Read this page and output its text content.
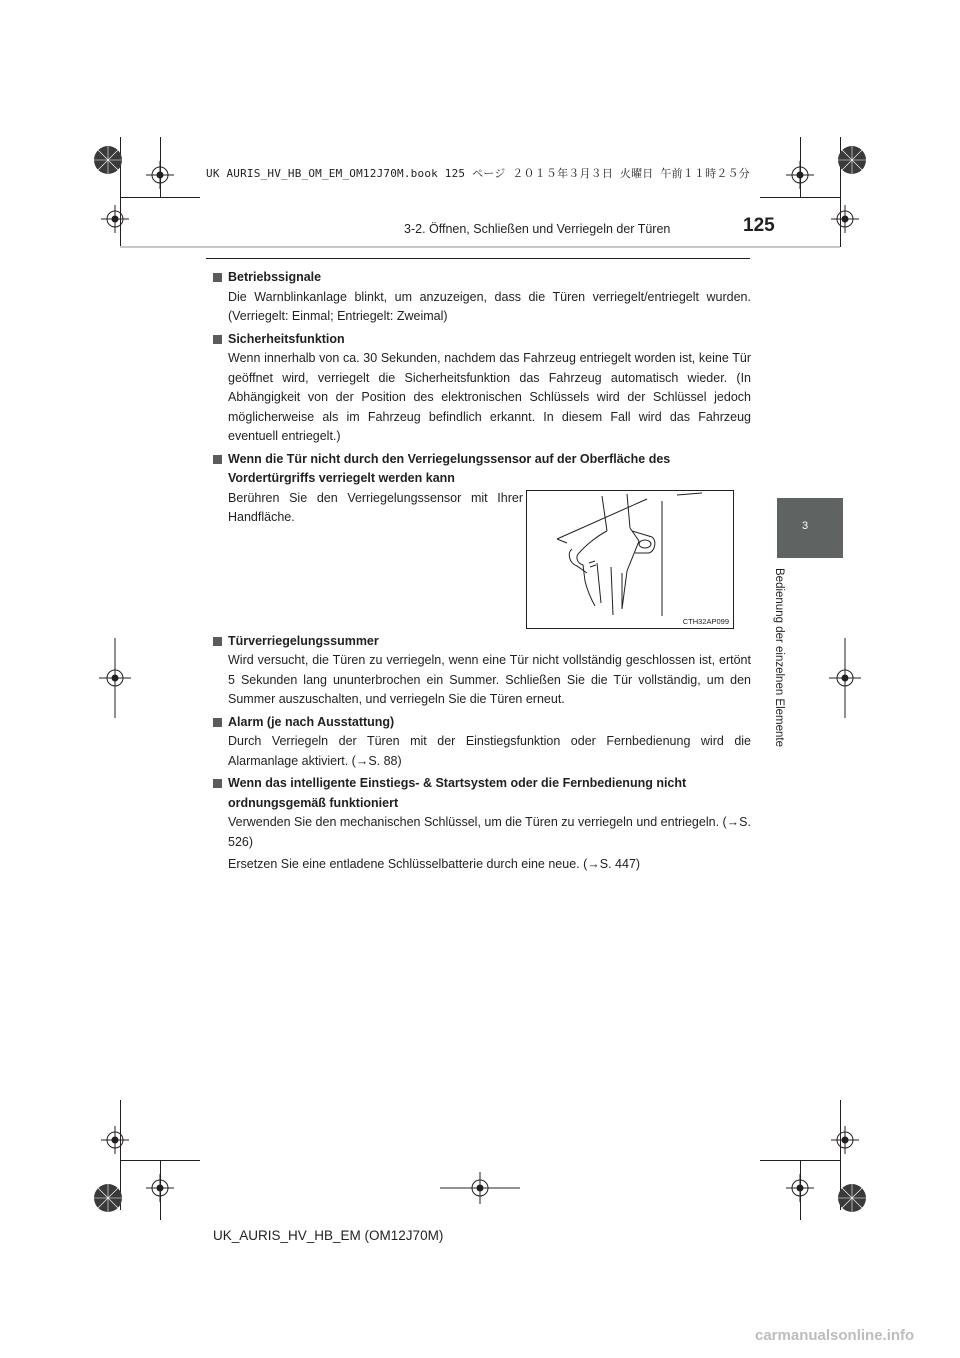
UK AURIS_HV_HB_OM_EM_OM12J70M.book 125 ページ ２０１５年３月３日 火曜日 午前１１時２５分
3-2. Öffnen, Schließen und Verriegeln der Türen	125
3
Bedienung der einzelnen Elemente
Betriebssignale

Die Warnblinkanlage blinkt, um anzuzeigen, dass die Türen verriegelt/entriegelt wurden. (Verriegelt: Einmal; Entriegelt: Zweimal)

Sicherheitsfunktion

Wenn innerhalb von ca. 30 Sekunden, nachdem das Fahrzeug entriegelt worden ist, keine Tür geöffnet wird, verriegelt die Sicherheitsfunktion das Fahrzeug automatisch wieder. (In Abhängigkeit von der Position des elektronischen Schlüssels wird der Schlüssel jedoch möglicherweise als im Fahrzeug befindlich erkannt. In diesem Fall wird das Fahrzeug eventuell entriegelt.)

Wenn die Tür nicht durch den Verriegelungssensor auf der Oberfläche des Vordertürgriffs verriegelt werden kann

Berühren Sie den Verriegelungssensor mit Ihrer Handfläche.

Türverriegelungssummer

Wird versucht, die Türen zu verriegeln, wenn eine Tür nicht vollständig geschlossen ist, ertönt 5 Sekunden lang ununterbrochen ein Summer. Schließen Sie die Tür vollständig, um den Summer auszuschalten, und verriegeln Sie die Türen erneut.

Alarm (je nach Ausstattung)

Durch Verriegeln der Türen mit der Einstiegsfunktion oder Fernbedienung wird die Alarmanlage aktiviert. (→S. 88)

Wenn das intelligente Einstiegs- & Startsystem oder die Fernbedienung nicht ordnungsgemäß funktioniert

Verwenden Sie den mechanischen Schlüssel, um die Türen zu verriegeln und entriegeln. (→S. 526)

Ersetzen Sie eine entladene Schlüsselbatterie durch eine neue. (→S. 447)

CTH32AP099
UK_AURIS_HV_HB_EM (OM12J70M)
carmanualsonline.info
